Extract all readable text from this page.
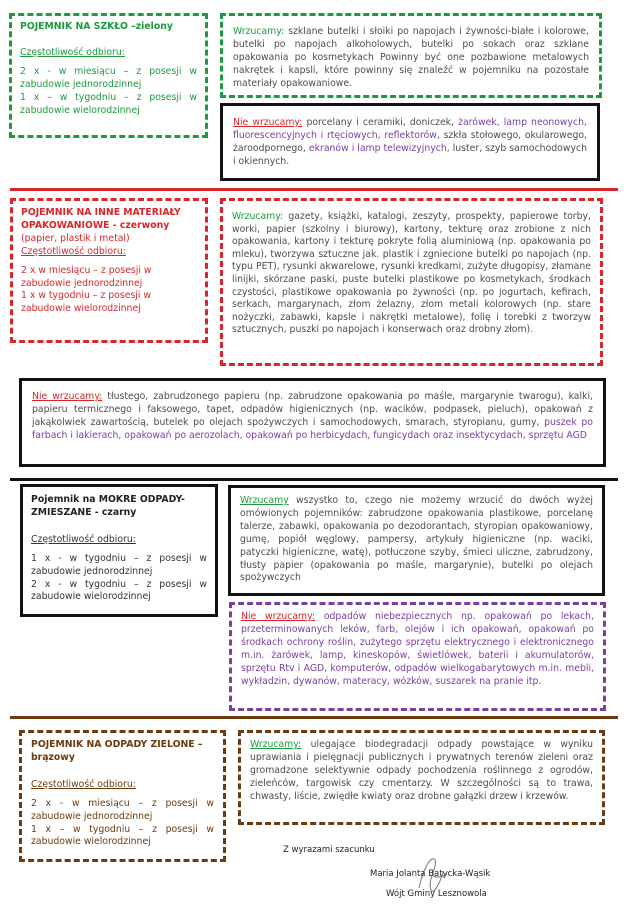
POJEMNIK NA SZKŁO –zielony

Częstotliwość odbioru:

2 x - w miesiącu – z posesji w zabudowie jednorodzinnej

1 x – w tygodniu – z posesji w zabudowie wielorodzinnej

Wrzucamy: szklane butelki i słoiki po napojach i żywności-białe i kolorowe, butelki po napojach alkoholowych, butelki po sokach oraz szklane opakowania po kosmetykach Powinny być one pozbawione metalowych nakrętek i kapsli, które powinny się znaleźć w pojemniku na pozostałe materiały opakowaniowe.
Nie wrzucamy: porcelany i ceramiki, doniczek, żarówek, lamp neonowych, fluorescencyjnych i rtęciowych, reflektorów, szkła stołowego, okularowego, żaroodpornego, ekranów i lamp telewizyjnych, luster, szyb samochodowych i okiennych.

POJEMNIK NA INNE MATERIAŁY OPAKOWANIOWE - czerwony

(papier, plastik i metal)

Częstotliwość odbioru:

2 x w miesiącu – z posesji w zabudowie jednorodzinnej

1 x w tygodniu – z posesji w zabudowie wielorodzinnej

Wrzucamy: gazety, książki, katalogi, zeszyty, prospekty, papierowe torby, worki, papier (szkolny i biurowy), kartony, tekturę oraz zrobione z nich opakowania, kartony i tekturę pokryte folią aluminiową (np. opakowania po mleku), tworzywa sztuczne jak. plastik i zgniecione butelki po napojach (np. typu PET), rysunki akwarelowe, rysunki kredkami, zużyte długopisy, złamane linijki, skórzane paski, puste butelki plastikowe po kosmetykach, środkach czystości, plastikowe opakowania po żywności (np. po jogurtach, kefirach, serkach, margarynach, złom żelazny, złom metali kolorowych (np. stare nożyczki, zabawki, kapsle i nakrętki metalowe), folię i torebki z tworzyw sztucznych, puszki po napojach i konserwach oraz drobny złom).
Nie wrzucamy: tłustego, zabrudzonego papieru (np. zabrudzone opakowania po maśle, margarynie twarogu), kalki, papieru termicznego i faksowego, tapet, odpadów higienicznych (np. wacików, podpasek, pieluch), opakowań z jakąkolwiek zawartością, butelek po olejach spożywczych i samochodowych, smarach, styropianu, gumy, puszek po farbach i lakierach, opakowań po aerozolach, opakowań po herbicydach, fungicydach oraz insektycydach, sprzętu AGD

Pojemnik na MOKRE ODPADY-ZMIESZANE - czarny

Częstotliwość odbioru:

1 x - w tygodniu – z posesji w zabudowie jednorodzinnej

2 x - w tygodniu – z posesji w zabudowie wielorodzinnej

Wrzucamy wszystko to, czego nie możemy wrzucić do dwóch wyżej omówionych pojemników: zabrudzone opakowania plastikowe, porcelanę talerze, zabawki, opakowania po dezodorantach, styropian opakowaniowy, gumę, popiół węglowy, pampersy, artykuły higieniczne (np. waciki, patyczki higieniczne, watę), potłuczone szyby, śmieci uliczne, zabrudzony, tłusty papier (opakowania po maśle, margarynie), butelki po olejach spożywczych
Nie wrzucamy: odpadów niebezpiecznych np. opakowań po lekach, przeterminowanych leków, farb, olejów i ich opakowań, opakowań po środkach ochrony roślin, zużytego sprzętu elektrycznego i elektronicznego m.in. żarówek, lamp, kineskopów, świetlówek, baterii i akumulatorów, sprzętu Rtv i AGD, komputerów, odpadów wielkogabarytowych m.in. mebli, wykładzin, dywanów, materacy, wózków, suszarek na pranie itp.

POJEMNIK NA ODPADY ZIELONE – brązowy

Częstotliwość odbioru:

2 x - w miesiącu – z posesji w zabudowie jednorodzinnej

1 x – w tygodniu – z posesji w zabudowie wielorodzinnej

Wrzucamy: ulegające biodegradacji odpady powstające w wyniku uprawiania i pielęgnacji publicznych i prywatnych terenów zieleni oraz gromadzone selektywnie odpady pochodzenia roślinnego z ogrodów, zieleńców, targowisk czy cmentarzy. W szczególności są to trawa, chwasty, liście, zwiędłe kwiaty oraz drobne gałązki drzew i krzewów.
Z wyrazami szacunku
Maria Jolanta Batycka-Wąsik
Wójt Gminy Lesznowola
